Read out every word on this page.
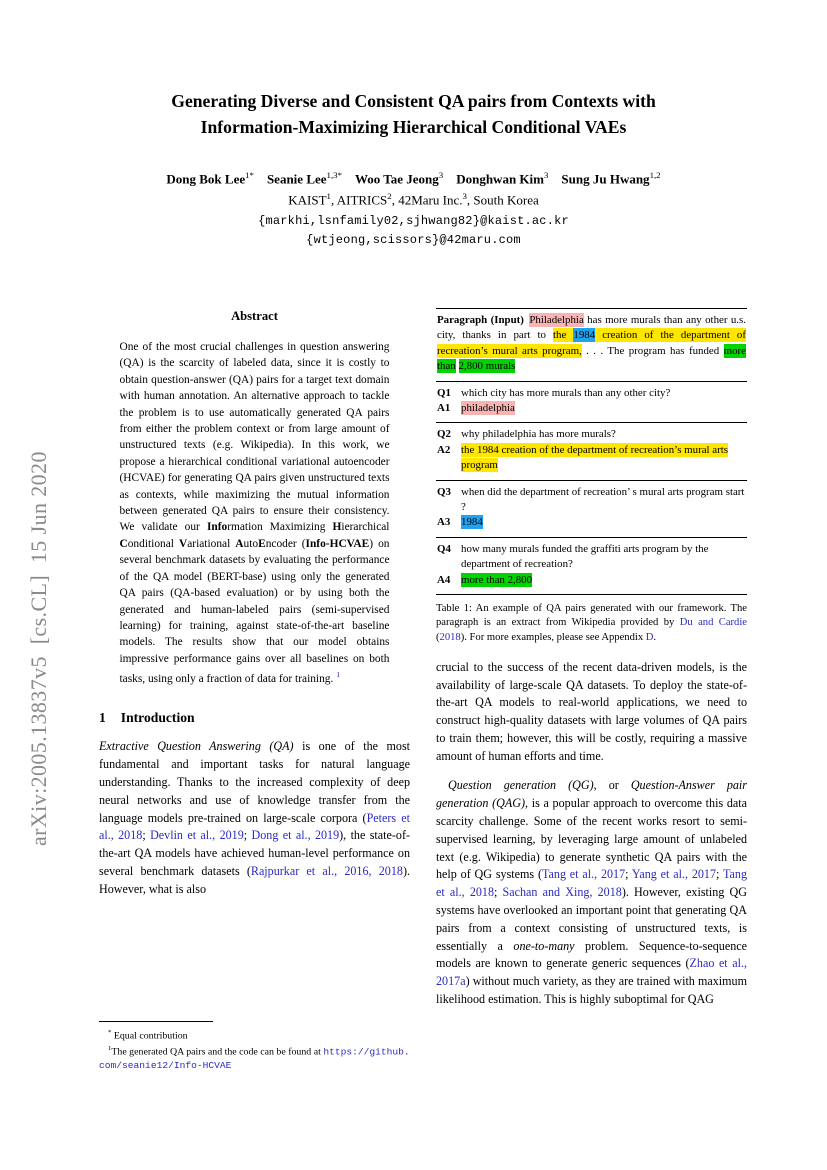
arXiv:2005.13837v5  [cs.CL]  15 Jun 2020
Generating Diverse and Consistent QA pairs from Contexts with
Information-Maximizing Hierarchical Conditional VAEs
Dong Bok Lee$^{1*}$  Seanie Lee$^{1,3*}$  Woo Tae Jeong$^3$  Donghwan Kim$^3$  Sung Ju Hwang$^{1,2}$
KAIST$^1$, AITRICS$^2$, 42Maru Inc.$^3$, South Korea
{markhi,lsnfamily02,sjhwang82}@kaist.ac.kr
{wtjeong,scissors}@42maru.com
Abstract

One of the most crucial challenges in question answering (QA) is the scarcity of labeled data, since it is costly to obtain question-answer (QA) pairs for a target text domain with human annotation. An alternative approach to tackle the problem is to use automatically generated QA pairs from either the problem context or from large amount of unstructured texts (e.g. Wikipedia). In this work, we propose a hierarchical conditional variational autoencoder (HCVAE) for generating QA pairs given unstructured texts as contexts, while maximizing the mutual information between generated QA pairs to ensure their consistency. We validate our Information Maximizing Hierarchical Conditional Variational AutoEncoder (Info-HCVAE) on several benchmark datasets by evaluating the performance of the QA model (BERT-base) using only the generated QA pairs (QA-based evaluation) or by using both the generated and human-labeled pairs (semi-supervised learning) for training, against state-of-the-art baseline models. The results show that our model obtains impressive performance gains over all baselines on both tasks, using only a fraction of data for training. $^1$

1 Introduction

Extractive Question Answering (QA) is one of the most fundamental and important tasks for natural language understanding. Thanks to the increased complexity of deep neural networks and use of knowledge transfer from the language models pre-trained on large-scale corpora (Peters et al., 2018; Devlin et al., 2019; Dong et al., 2019), the state-of-the-art QA models have achieved human-level performance on several benchmark datasets (Rajpurkar et al., 2016, 2018). However, what is also

* Equal contribution

$^1$The generated QA pairs and the code can be found at https://github.com/seanie12/Info-HCVAE

Paragraph (Input)  Philadelphia has more murals than any other u.s. city, thanks in part to the 1984 creation of the department of recreation’s mural arts program, . . . The program has funded more than 2,800 murals
Q1 which city has more murals than any other city?
A1 philadelphia
Q2 why philadelphia has more murals?
A2 the 1984 creation of the department of recreation’s mural arts program
Q3 when did the department of recreation’ s mural arts program start ?
A3 1984
Q4 how many murals funded the graffiti arts program by the department of recreation?
A4 more than 2,800
Table 1: An example of QA pairs generated with our framework. The paragraph is an extract from Wikipedia provided by Du and Cardie (2018). For more examples, please see Appendix D.

crucial to the success of the recent data-driven models, is the availability of large-scale QA datasets. To deploy the state-of-the-art QA models to real-world applications, we need to construct high-quality datasets with large volumes of QA pairs to train them; however, this will be costly, requiring a massive amount of human efforts and time.

Question generation (QG), or Question-Answer pair generation (QAG), is a popular approach to overcome this data scarcity challenge. Some of the recent works resort to semi-supervised learning, by leveraging large amount of unlabeled text (e.g. Wikipedia) to generate synthetic QA pairs with the help of QG systems (Tang et al., 2017; Yang et al., 2017; Tang et al., 2018; Sachan and Xing, 2018). However, existing QG systems have overlooked an important point that generating QA pairs from a context consisting of unstructured texts, is essentially a one-to-many problem. Sequence-to-sequence models are known to generate generic sequences (Zhao et al., 2017a) without much variety, as they are trained with maximum likelihood estimation. This is highly suboptimal for QAG
